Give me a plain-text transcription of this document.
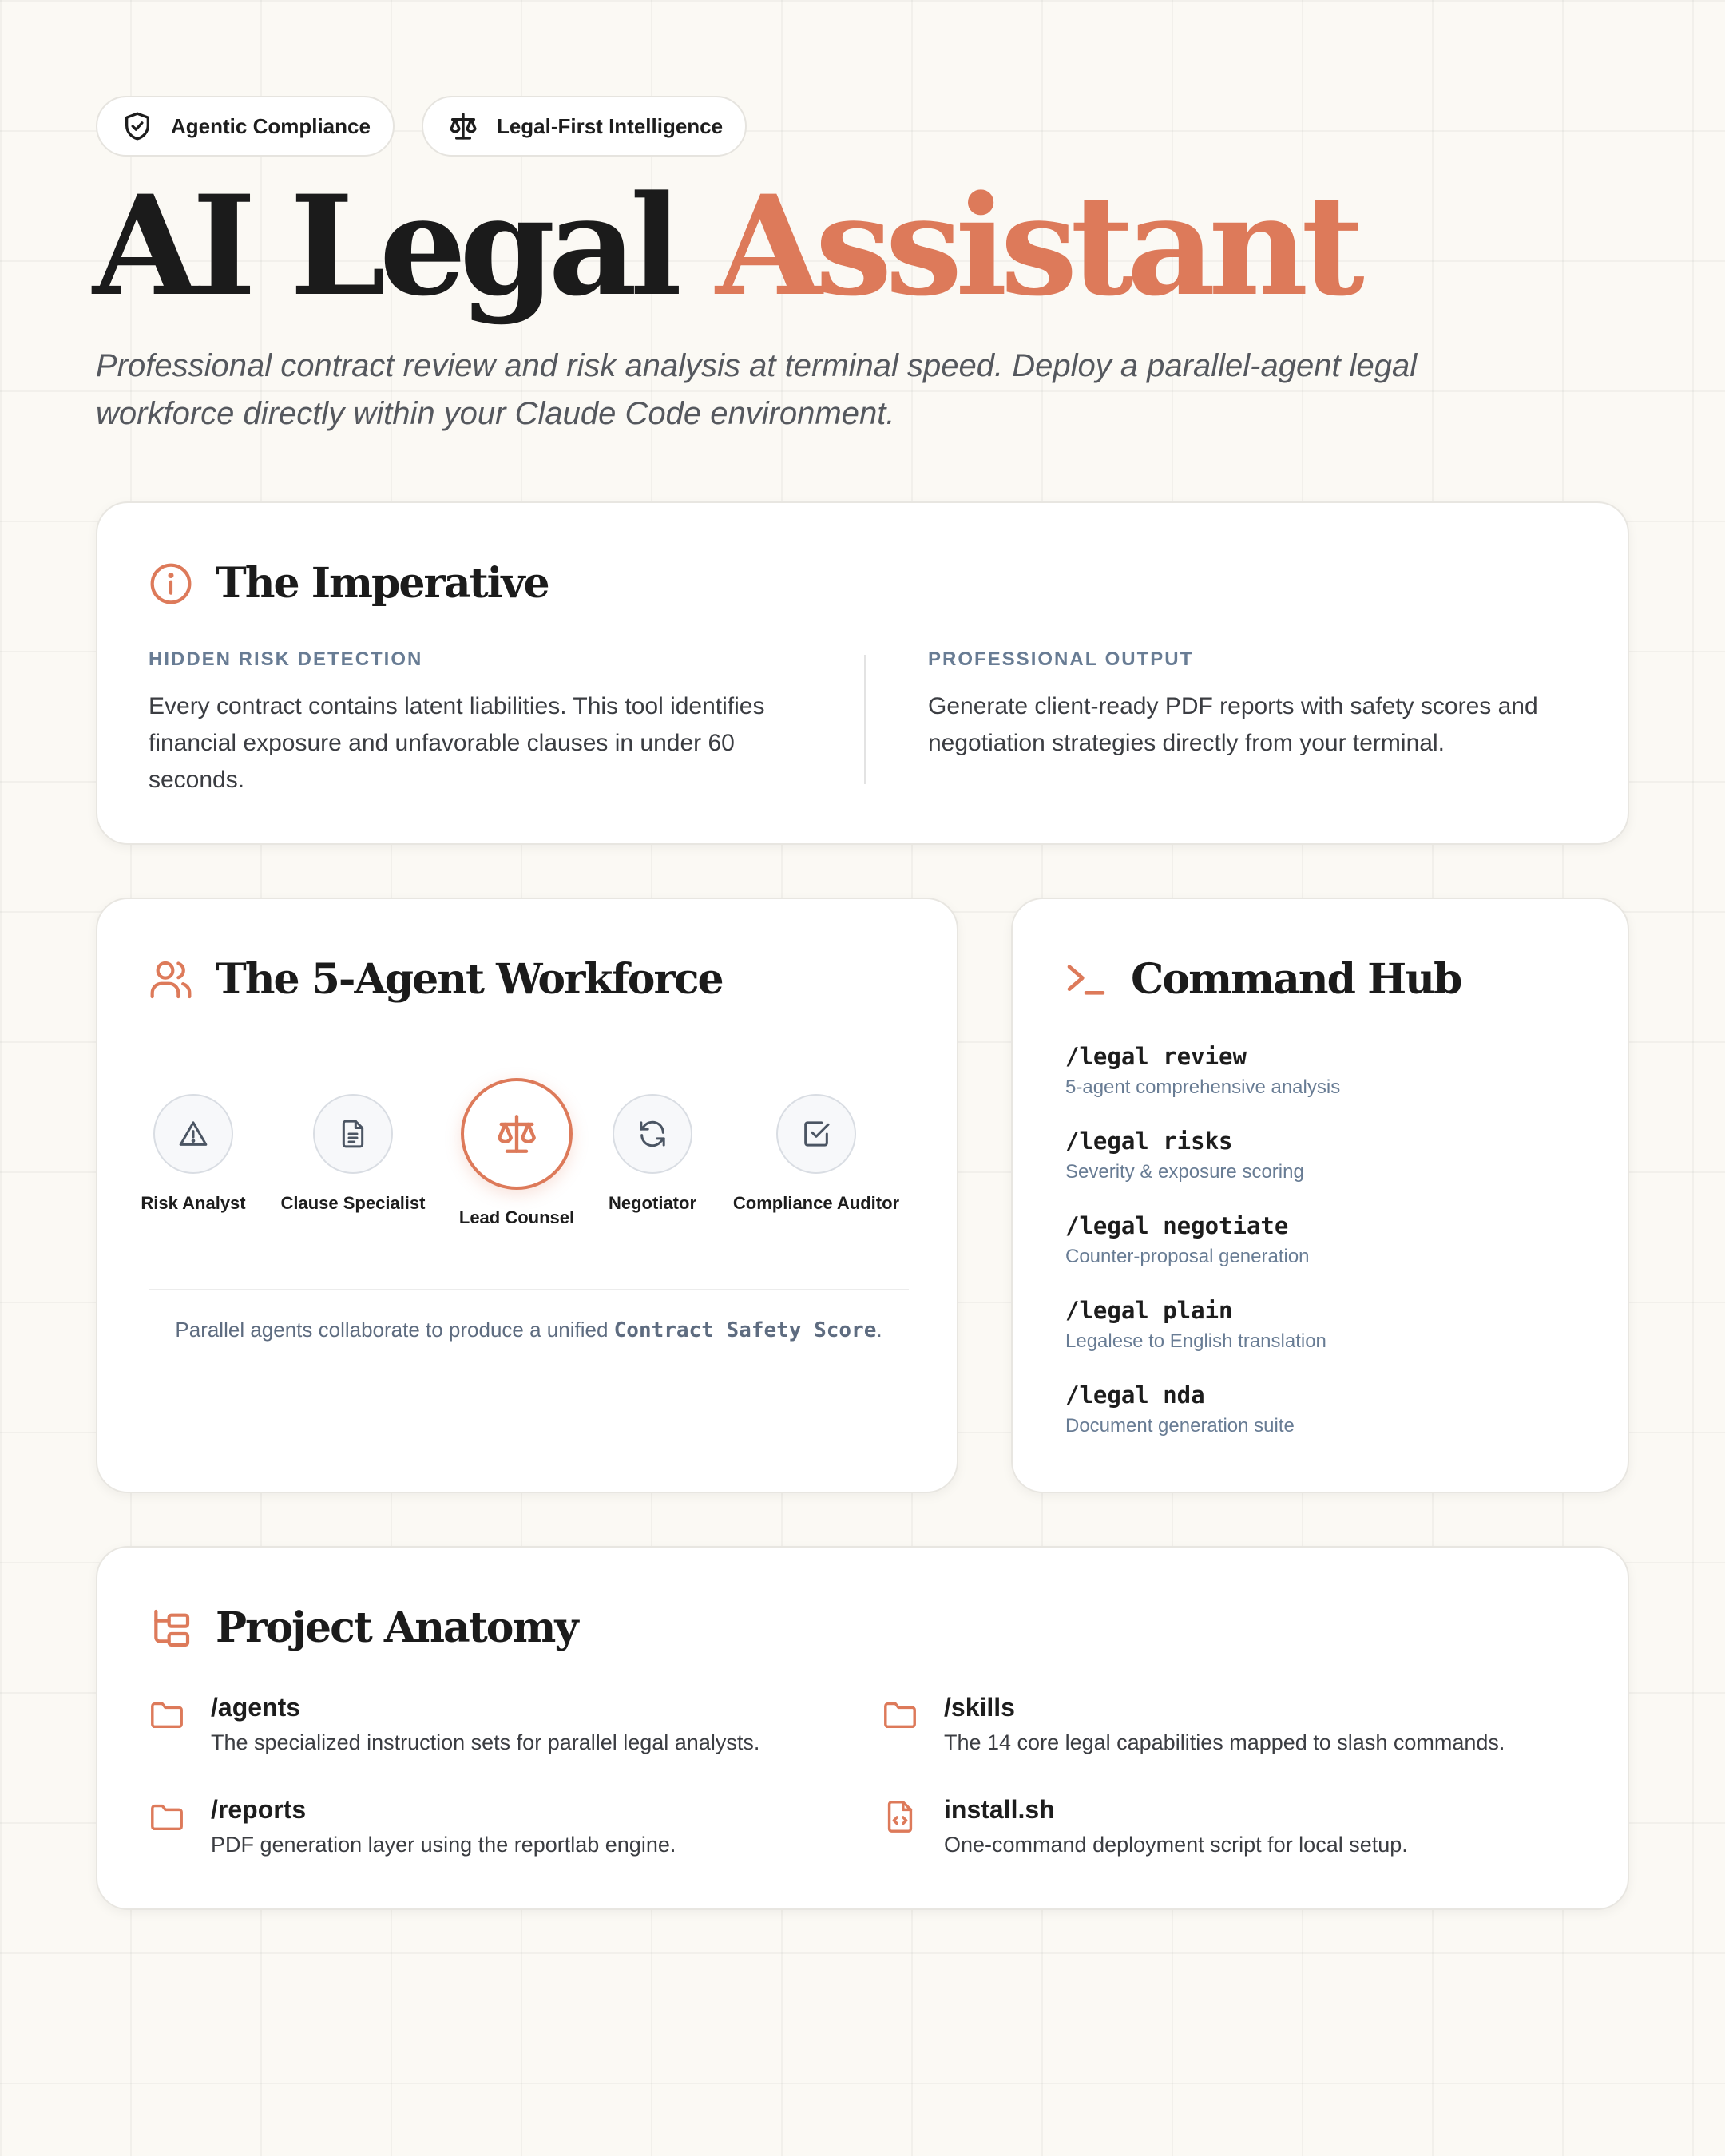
Agentic Compliance	Legal-First Intelligence
AI Legal Assistant
Professional contract review and risk analysis at terminal speed. Deploy a parallel-agent legal workforce directly within your Claude Code environment.
The Imperative
HIDDEN RISK DETECTION
Every contract contains latent liabilities. This tool identifies financial exposure and unfavorable clauses in under 60 seconds.
PROFESSIONAL OUTPUT
Generate client-ready PDF reports with safety scores and negotiation strategies directly from your terminal.
The 5-Agent Workforce
Risk Analyst Clause Specialist
Lead Counsel
Negotiator Compliance Auditor
Parallel agents collaborate to produce a unified Contract Safety Score.
Command Hub
/legal review
5-agent comprehensive analysis
/legal risks
Severity & exposure scoring
/legal negotiate
Counter-proposal generation
/legal plain
Legalese to English translation
/legal nda
Document generation suite
Project Anatomy
/agents
The specialized instruction sets for parallel legal analysts.
/skills
The 14 core legal capabilities mapped to slash commands.
/reports
PDF generation layer using the reportlab engine.
install.sh
One-command deployment script for local setup.
